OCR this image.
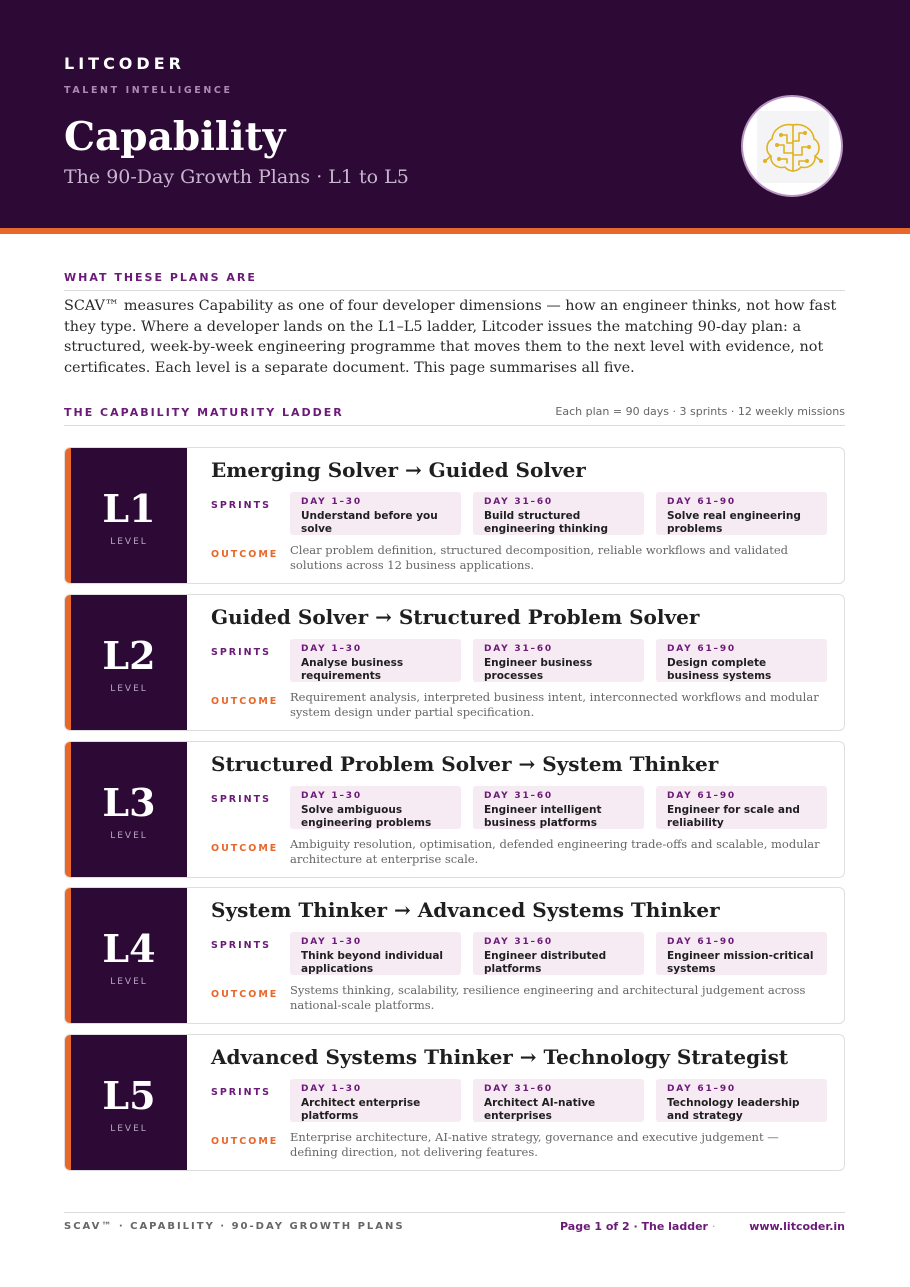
LITCODER
TALENT INTELLIGENCE
Capability
The 90-Day Growth Plans · L1 to L5
WHAT THESE PLANS ARE
SCAV™ measures Capability as one of four developer dimensions — how an engineer thinks, not how fast they type. Where a developer lands on the L1–L5 ladder, Litcoder issues the matching 90-day plan: a structured, week-by-week engineering programme that moves them to the next level with evidence, not certificates. Each level is a separate document. This page summarises all five.
THE CAPABILITY MATURITY LADDER	Each plan = 90 days · 3 sprints · 12 weekly missions
L1
LEVEL
Emerging Solver → Guided Solver
SPRINTS	DAY 1–30
Understand before you solve
DAY 31–60
Build structured engineering thinking
DAY 61–90
Solve real engineering problems
OUTCOME Clear problem definition, structured decomposition, reliable workflows and validated solutions across 12 business applications.
L2
LEVEL
Guided Solver → Structured Problem Solver
SPRINTS	DAY 1–30
Analyse business requirements
DAY 31–60
Engineer business processes
DAY 61–90
Design complete business systems
OUTCOME Requirement analysis, interpreted business intent, interconnected workflows and modular system design under partial specification.
L3
LEVEL
Structured Problem Solver → System Thinker
SPRINTS	DAY 1–30
Solve ambiguous engineering problems
DAY 31–60
Engineer intelligent business platforms
DAY 61–90
Engineer for scale and reliability
OUTCOME Ambiguity resolution, optimisation, defended engineering trade-offs and scalable, modular architecture at enterprise scale.
L4
LEVEL
System Thinker → Advanced Systems Thinker
SPRINTS	DAY 1–30
Think beyond individual applications
DAY 31–60
Engineer distributed platforms
DAY 61–90
Engineer mission-critical systems
OUTCOME Systems thinking, scalability, resilience engineering and architectural judgement across national-scale platforms.
L5
LEVEL
Advanced Systems Thinker → Technology Strategist
SPRINTS	DAY 1–30
Architect enterprise platforms
DAY 31–60
Architect AI-native enterprises
DAY 61–90
Technology leadership and strategy
OUTCOME Enterprise architecture, AI-native strategy, governance and executive judgement — defining direction, not delivering features.
SCAV™ · CAPABILITY · 90-DAY GROWTH PLANS	Page 1 of 2 · The ladder ·	www.litcoder.in
